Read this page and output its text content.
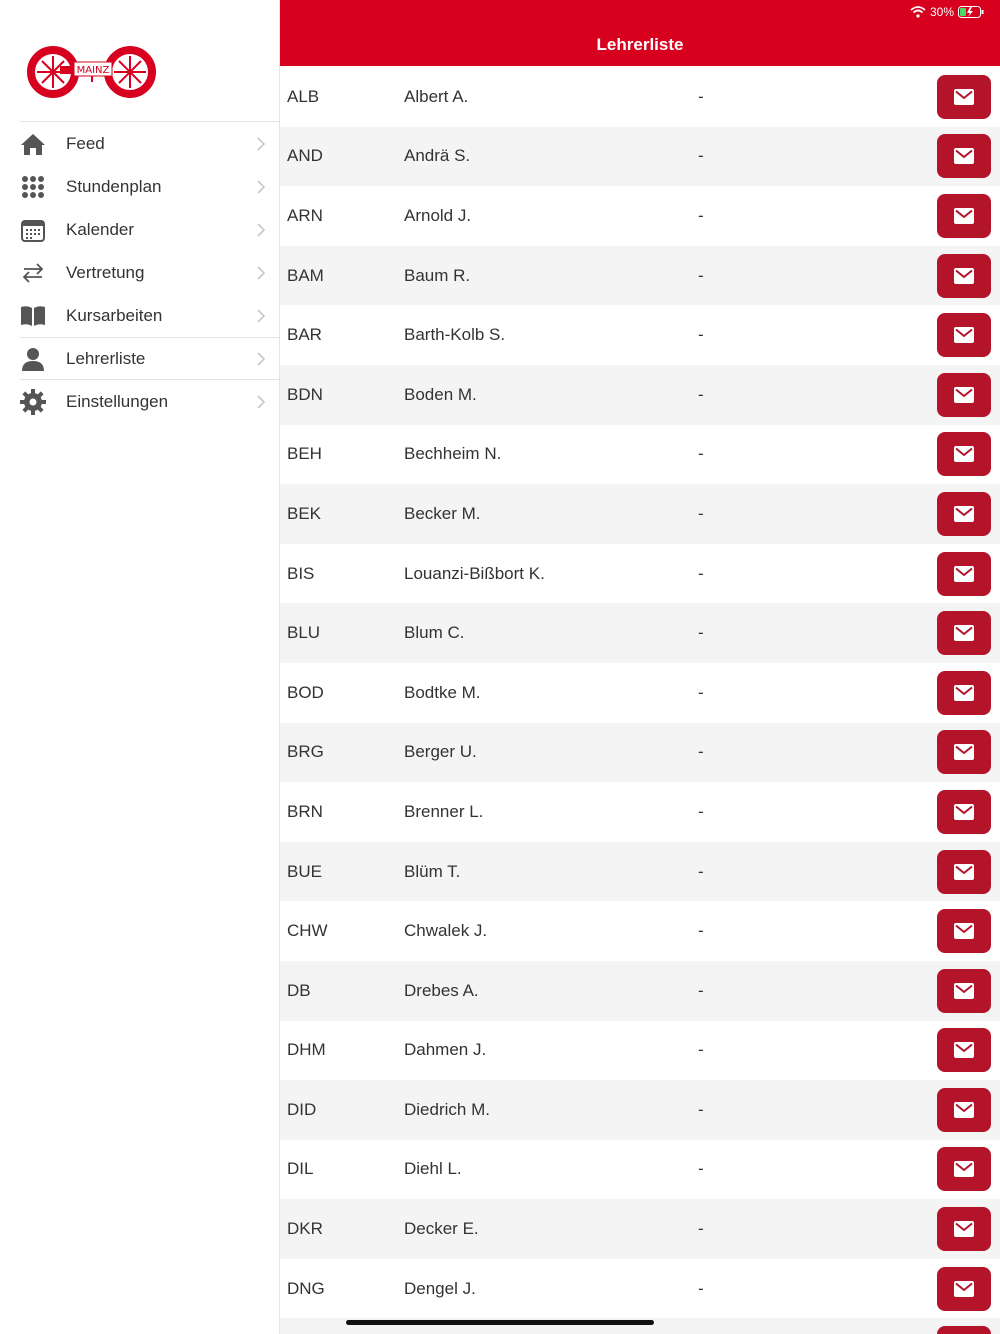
MAINZ
Feed
Stundenplan
Kalender
Vertretung
Kursarbeiten
Lehrerliste
Einstellungen
30%
Lehrerliste
ALB	Albert A.	-
AND	Andrä S.	-
ARN	Arnold J.	-
BAM	Baum R.	-
BAR	Barth-Kolb S.	-
BDN	Boden M.	-
BEH	Bechheim N.	-
BEK	Becker M.	-
BIS	Louanzi-Bißbort K.	-
BLU	Blum C.	-
BOD	Bodtke M.	-
BRG	Berger U.	-
BRN	Brenner L.	-
BUE	Blüm T.	-
CHW	Chwalek J.	-
DB	Drebes A.	-
DHM	Dahmen J.	-
DID	Diedrich M.	-
DIL	Diehl L.	-
DKR	Decker E.	-
DNG	Dengel J.	-
